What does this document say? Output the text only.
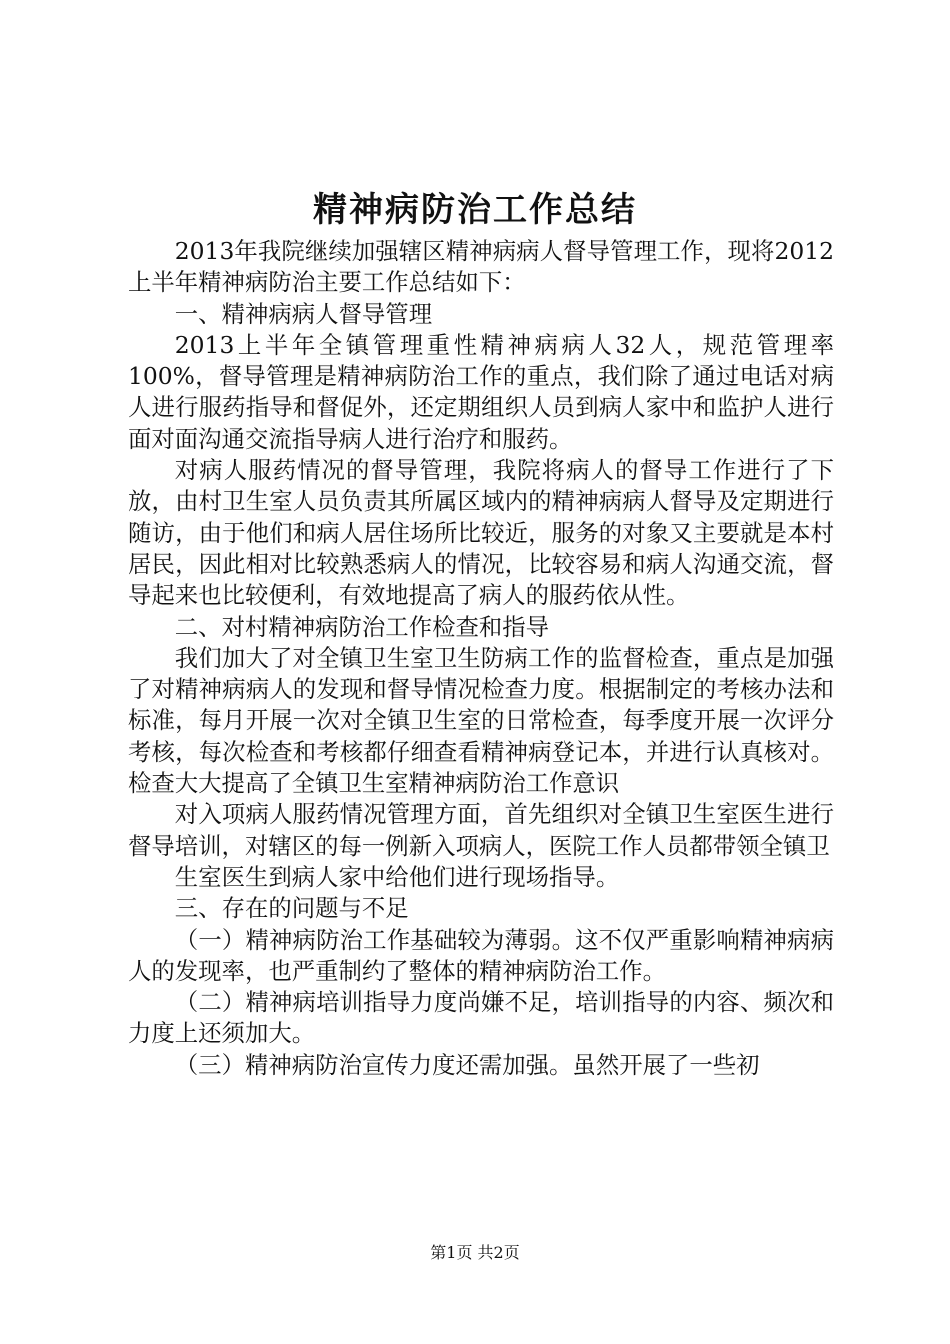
精神病防治工作总结

2013年我院继续加强辖区精神病病人督导管理工作，现将2012上半年精神病防治主要工作总结如下：

一、精神病病人督导管理

2013上半年全镇管理重性精神病病人32人，规范管理率100%，督导管理是精神病防治工作的重点，我们除了通过电话对病人进行服药指导和督促外，还定期组织人员到病人家中和监护人进行面对面沟通交流指导病人进行治疗和服药。

对病人服药情况的督导管理，我院将病人的督导工作进行了下放，由村卫生室人员负责其所属区域内的精神病病人督导及定期进行随访，由于他们和病人居住场所比较近，服务的对象又主要就是本村居民，因此相对比较熟悉病人的情况，比较容易和病人沟通交流，督导起来也比较便利，有效地提高了病人的服药依从性。

二、对村精神病防治工作检查和指导

我们加大了对全镇卫生室卫生防病工作的监督检查，重点是加强了对精神病病人的发现和督导情况检查力度。根据制定的考核办法和标准，每月开展一次对全镇卫生室的日常检查，每季度开展一次评分考核，每次检查和考核都仔细查看精神病登记本，并进行认真核对。检查大大提高了全镇卫生室精神病防治工作意识

对入项病人服药情况管理方面，首先组织对全镇卫生室医生进行督导培训，对辖区的每一例新入项病人，医院工作人员都带领全镇卫

生室医生到病人家中给他们进行现场指导。

三、存在的问题与不足

（一）精神病防治工作基础较为薄弱。这不仅严重影响精神病病人的发现率，也严重制约了整体的精神病防治工作。

（二）精神病培训指导力度尚嫌不足，培训指导的内容、频次和力度上还须加大。

（三）精神病防治宣传力度还需加强。虽然开展了一些初

第1页 共2页
